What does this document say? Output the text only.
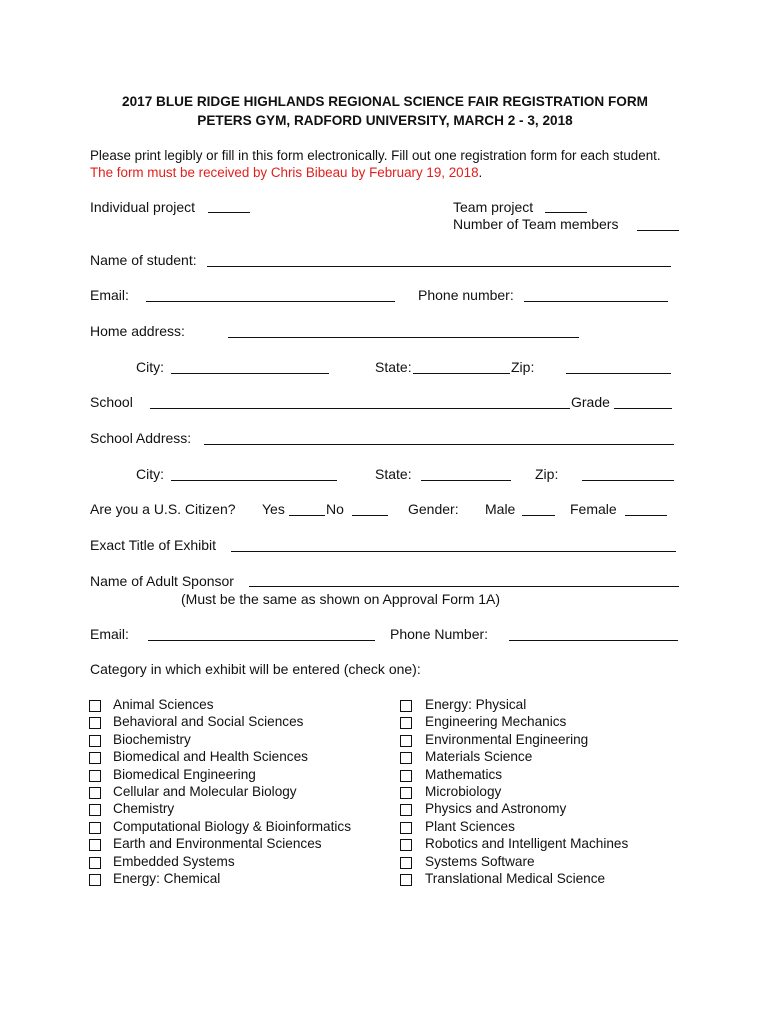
2017 BLUE RIDGE HIGHLANDS REGIONAL SCIENCE FAIR REGISTRATION FORM
PETERS GYM, RADFORD UNIVERSITY, MARCH 2 - 3, 2018
Please print legibly or fill in this form electronically. Fill out one registration form for each student.
The form must be received by Chris Bibeau by February 19, 2018.
Individual project	Team project
Number of Team members
Name of student:
Email:	Phone number:
Home address:
City:	State:	Zip:
School	Grade
School Address:
City:	State:	Zip:
Are you a U.S. Citizen? Yes	No	Gender: Male	Female
Exact Title of Exhibit
Name of Adult Sponsor
(Must be the same as shown on Approval Form 1A)
Email:	Phone Number:
Category in which exhibit will be entered (check one):
Animal Sciences
Behavioral and Social Sciences
Biochemistry
Biomedical and Health Sciences
Biomedical Engineering
Cellular and Molecular Biology
Chemistry
Computational Biology & Bioinformatics
Earth and Environmental Sciences
Embedded Systems
Energy: Chemical
Energy: Physical
Engineering Mechanics
Environmental Engineering
Materials Science
Mathematics
Microbiology
Physics and Astronomy
Plant Sciences
Robotics and Intelligent Machines
Systems Software
Translational Medical Science
